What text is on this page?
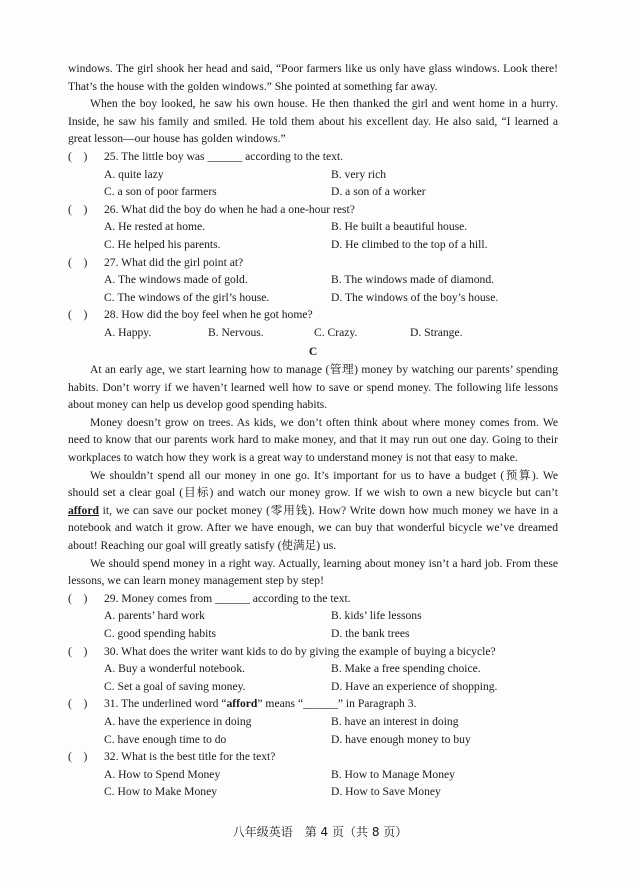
windows. The girl shook her head and said, “Poor farmers like us only have glass windows. Look there! That’s the house with the golden windows.” She pointed at something far away.

When the boy looked, he saw his own house. He then thanked the girl and went home in a hurry. Inside, he saw his family and smiled. He told them about his excellent day. He also said, “I learned a great lesson—our house has golden windows.”

(    )	25. The little boy was ______ according to the text.
A. quite lazy	B. very rich
C. a son of poor farmers	D. a son of a worker
(    )	26. What did the boy do when he had a one-hour rest?
A. He rested at home.	B. He built a beautiful house.
C. He helped his parents.	D. He climbed to the top of a hill.
(    )	27. What did the girl point at?
A. The windows made of gold.	B. The windows made of diamond.
C. The windows of the girl’s house.	D. The windows of the boy’s house.
(    )	28. How did the boy feel when he got home?
A. Happy.	B. Nervous.	C. Crazy.	D. Strange.
C

At an early age, we start learning how to manage (管理) money by watching our parents’ spending habits. Don’t worry if we haven’t learned well how to save or spend money. The following life lessons about money can help us develop good spending habits.

Money doesn’t grow on trees. As kids, we don’t often think about where money comes from. We need to know that our parents work hard to make money, and that it may run out one day. Going to their workplaces to watch how they work is a great way to understand money is not that easy to make.

We shouldn’t spend all our money in one go. It’s important for us to have a budget (预算). We should set a clear goal (目标) and watch our money grow. If we wish to own a new bicycle but can’t afford it, we can save our pocket money (零用钱). How? Write down how much money we have in a notebook and watch it grow. After we have enough, we can buy that wonderful bicycle we’ve dreamed about! Reaching our goal will greatly satisfy (使满足) us.

We should spend money in a right way. Actually, learning about money isn’t a hard job. From these lessons, we can learn money management step by step!

(    )	29. Money comes from ______ according to the text.
A. parents’ hard work	B. kids’ life lessons
C. good spending habits	D. the bank trees
(    )	30. What does the writer want kids to do by giving the example of buying a bicycle?
A. Buy a wonderful notebook.	B. Make a free spending choice.
C. Set a goal of saving money.	D. Have an experience of shopping.
(    )	31. The underlined word “afford” means “______” in Paragraph 3.
A. have the experience in doing	B. have an interest in doing
C. have enough time to do	D. have enough money to buy
(    )	32. What is the best title for the text?
A. How to Spend Money	B. How to Manage Money
C. How to Make Money	D. How to Save Money
八年级英语　第 4 页（共 8 页）
